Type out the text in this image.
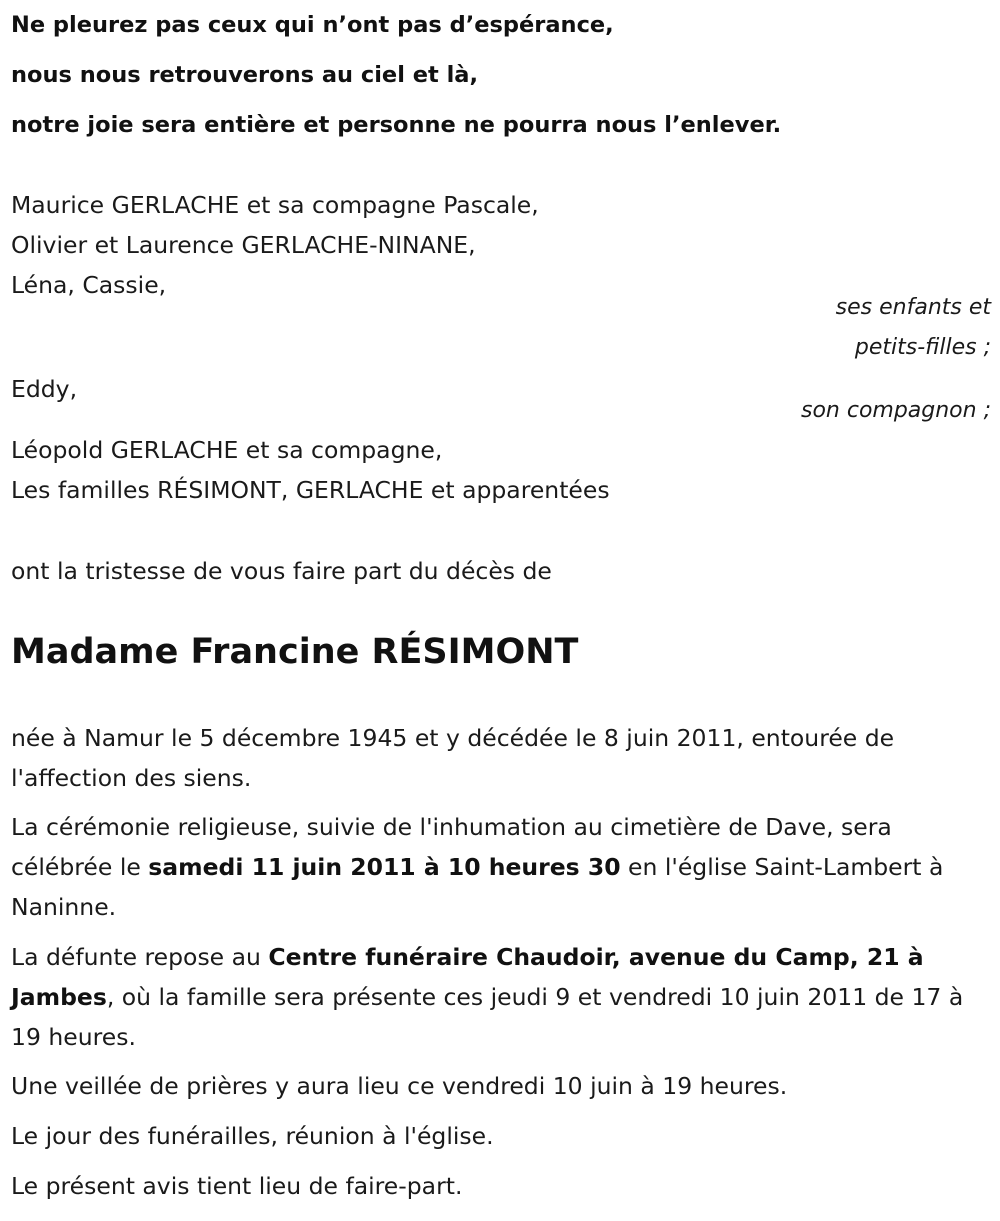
Ne pleurez pas ceux qui n’ont pas d’espérance,
nous nous retrouverons au ciel et là,
notre joie sera entière et personne ne pourra nous l’enlever.
Maurice GERLACHE et sa compagne Pascale,
Olivier et Laurence GERLACHE-NINANE,
Léna, Cassie,
ses enfants et
petits-filles ;
Eddy,
son compagnon ;
Léopold GERLACHE et sa compagne,
Les familles RÉSIMONT, GERLACHE et apparentées
ont la tristesse de vous faire part du décès de
Madame Francine RÉSIMONT
née à Namur le 5 décembre 1945 et y décédée le 8 juin 2011, entourée de l'affection des siens.
La cérémonie religieuse, suivie de l'inhumation au cimetière de Dave, sera célébrée le samedi 11 juin 2011 à 10 heures 30 en l'église Saint-Lambert à Naninne.
La défunte repose au Centre funéraire Chaudoir, avenue du Camp, 21 à Jambes, où la famille sera présente ces jeudi 9 et vendredi 10 juin 2011 de 17 à 19 heures.
Une veillée de prières y aura lieu ce vendredi 10 juin à 19 heures.
Le jour des funérailles, réunion à l'église.
Le présent avis tient lieu de faire-part.
